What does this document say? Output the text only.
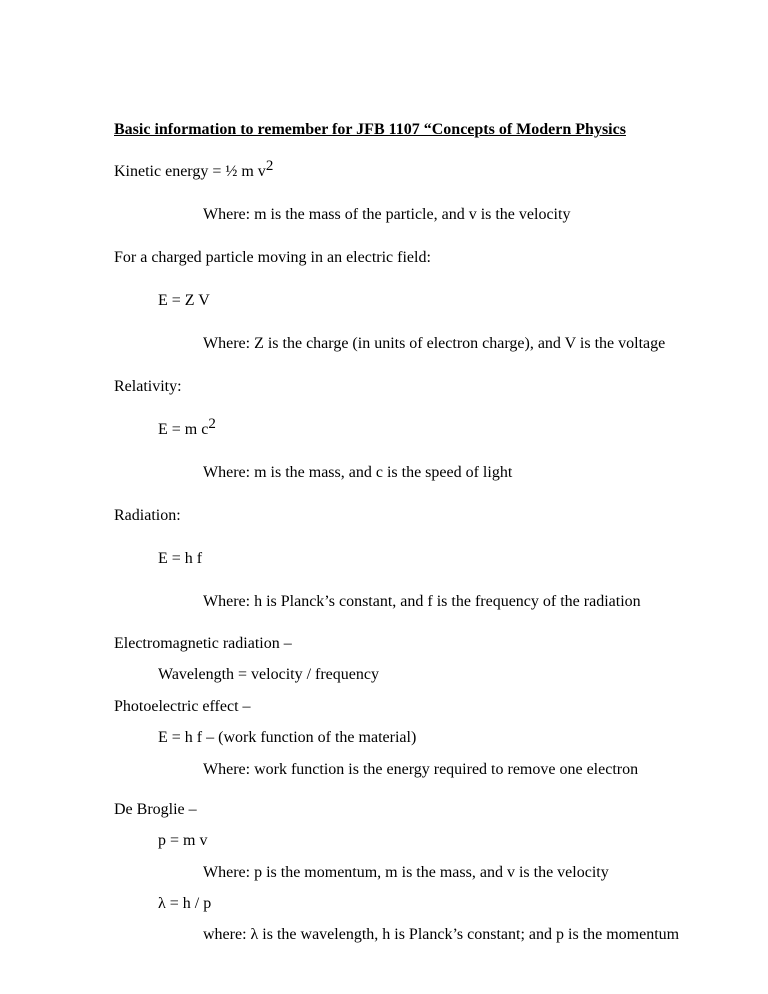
Basic information to remember for JFB 1107 “Concepts of Modern Physics
Kinetic energy = ½ m $v^2$
Where: m is the mass of the particle, and v is the velocity
For a charged particle moving in an electric field:
E = Z V
Where: Z is the charge (in units of electron charge), and V is the voltage
Relativity:
E = m $c^2$
Where: m is the mass, and c is the speed of light
Radiation:
E = h f
Where: h is Planck’s constant, and f is the frequency of the radiation
Electromagnetic radiation –
Wavelength = velocity / frequency
Photoelectric effect –
E = h f – (work function of the material)
Where: work function is the energy required to remove one electron
De Broglie –
p = m v
Where: p is the momentum, m is the mass, and v is the velocity
λ = h / p
where: λ is the wavelength, h is Planck’s constant; and p is the momentum
